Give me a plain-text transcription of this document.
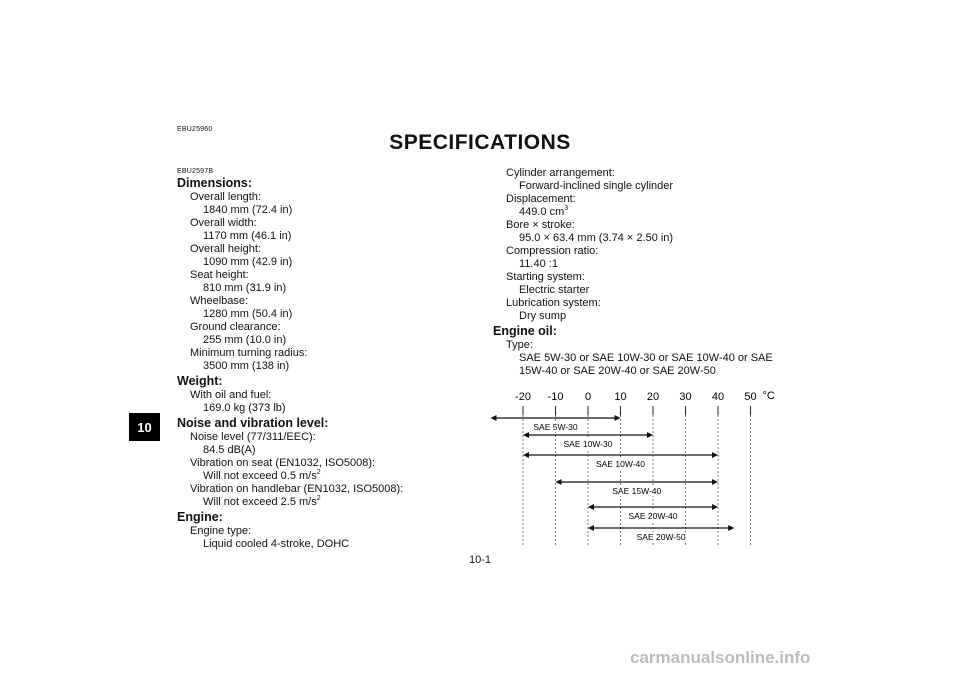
10
EBU25960
SPECIFICATIONS
EBU2597B
Dimensions:
Overall length:
1840 mm (72.4 in)
Overall width:
1170 mm (46.1 in)
Overall height:
1090 mm (42.9 in)
Seat height:
810 mm (31.9 in)
Wheelbase:
1280 mm (50.4 in)
Ground clearance:
255 mm (10.0 in)
Minimum turning radius:
3500 mm (138 in)
Weight:
With oil and fuel:
169.0 kg (373 lb)
Noise and vibration level:
Noise level (77/311/EEC):
84.5 dB(A)
Vibration on seat (EN1032, ISO5008):
Will not exceed 0.5 $m/s^2$
Vibration on handlebar (EN1032, ISO5008):
Will not exceed 2.5 $m/s^2$
Engine:
Engine type:
Liquid cooled 4-stroke, DOHC
Cylinder arrangement:
Forward-inclined single cylinder
Displacement:
449.0 $cm^3$
Bore × stroke:
95.0 × 63.4 mm (3.74 × 2.50 in)
Compression ratio:
11.40 :1
Starting system:
Electric starter
Lubrication system:
Dry sump
Engine oil:
Type:
SAE 5W-30 or SAE 10W-30 or SAE 10W-40 or SAE
15W-40 or SAE 20W-40 or SAE 20W-50
-20 -10 0 10 20 30 40 50 °C
SAE 5W-30
SAE 10W-30
SAE 10W-40
SAE 15W-40
SAE 20W-40
SAE 20W-50
10-1
carmanualsonline.info
